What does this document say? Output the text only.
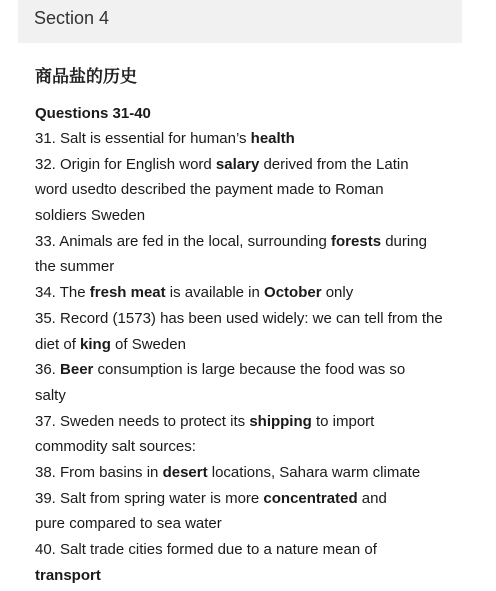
Section 4
商品盐的历史
Questions 31-40
31. Salt is essential for human’s health
32. Origin for English word salary derived from the Latin
word usedto described the payment made to Roman
soldiers Sweden
33. Animals are fed in the local, surrounding forests during
the summer
34. The fresh meat is available in October only
35. Record (1573) has been used widely: we can tell from the
diet of king of Sweden
36. Beer consumption is large because the food was so
salty
37. Sweden needs to protect its shipping to import
commodity salt sources:
38. From basins in desert locations, Sahara warm climate
39. Salt from spring water is more concentrated and
pure compared to sea water
40. Salt trade cities formed due to a nature mean of
transport
